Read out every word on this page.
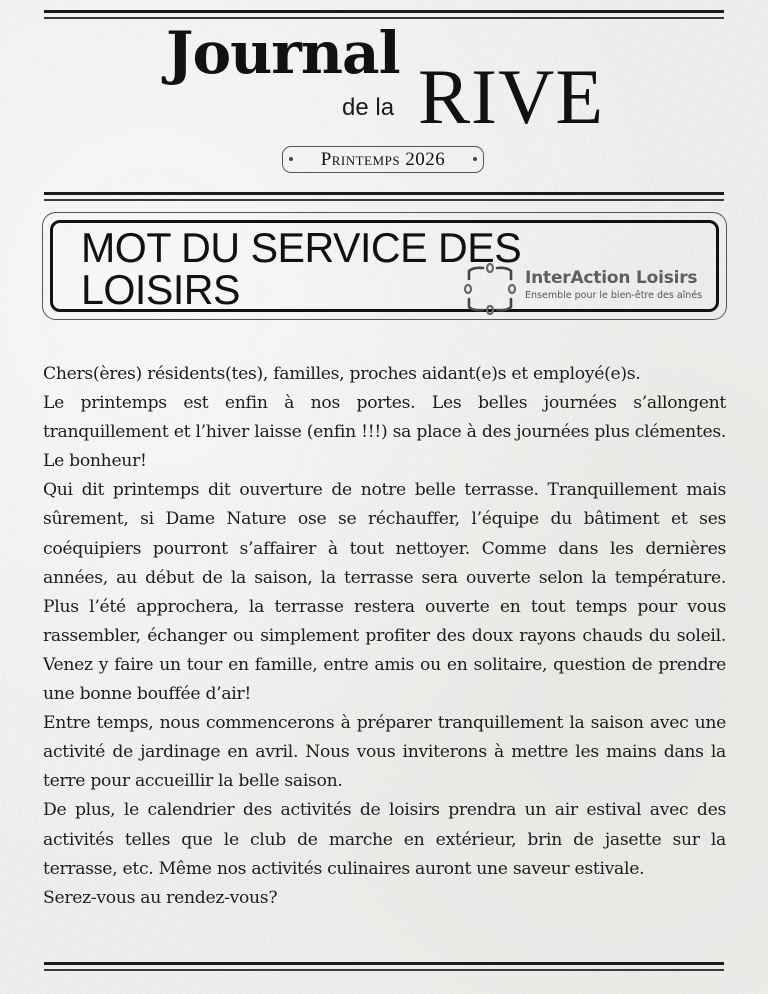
Journal
de la RIVE
Printemps 2026
MOT DU SERVICE DES LOISIRS	InterAction Loisirs
Ensemble pour le bien-être des aînés

Chers(ères) résidents(tes), familles, proches aidant(e)s et employé(e)s.

Le printemps est enfin à nos portes. Les belles journées s’allongent tranquillement et l’hiver laisse (enfin !!!) sa place à des journées plus clémentes. Le bonheur!

Qui dit printemps dit ouverture de notre belle terrasse. Tranquillement mais sûrement, si Dame Nature ose se réchauffer, l’équipe du bâtiment et ses coéquipiers pourront s’affairer à tout nettoyer. Comme dans les dernières années, au début de la saison, la terrasse sera ouverte selon la température. Plus l’été approchera, la terrasse restera ouverte en tout temps pour vous rassembler, échanger ou simplement profiter des doux rayons chauds du soleil. Venez y faire un tour en famille, entre amis ou en solitaire, question de prendre une bonne bouffée d’air!

Entre temps, nous commencerons à préparer tranquillement la saison avec une activité de jardinage en avril. Nous vous inviterons à mettre les mains dans la terre pour accueillir la belle saison.

De plus, le calendrier des activités de loisirs prendra un air estival avec des activités telles que le club de marche en extérieur, brin de jasette sur la terrasse, etc. Même nos activités culinaires auront une saveur estivale.

Serez-vous au rendez-vous?
